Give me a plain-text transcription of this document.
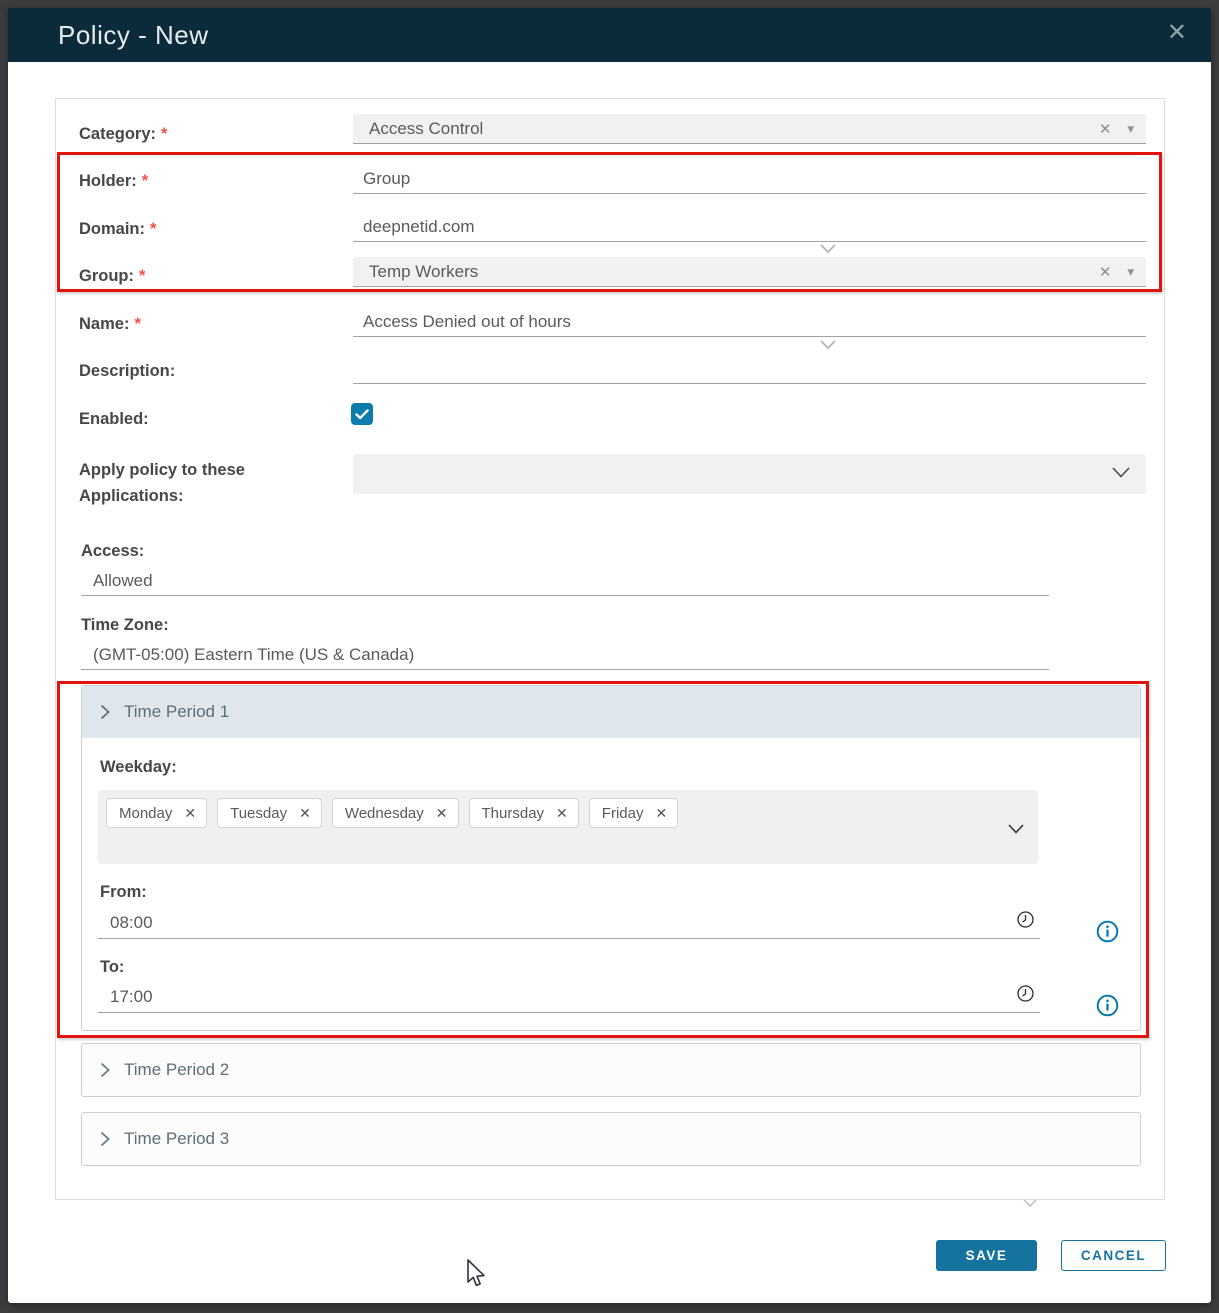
Policy - New	✕
Category: *	Access Control	✕ ▾
Holder: *	Group
Domain: *	deepnetid.com
Group: *	Temp Workers	✕ ▾
Name: *	Access Denied out of hours
Description:
Enabled:
Apply policy to these
Applications:
Access:
Allowed
Time Zone:
(GMT-05:00) Eastern Time (US & Canada)
Time Period 1
Weekday:
Monday ✕ Tuesday ✕ Wednesday ✕ Thursday ✕ Friday ✕
From:
08:00
To:
17:00
Time Period 2
Time Period 3
SAVE	CANCEL
